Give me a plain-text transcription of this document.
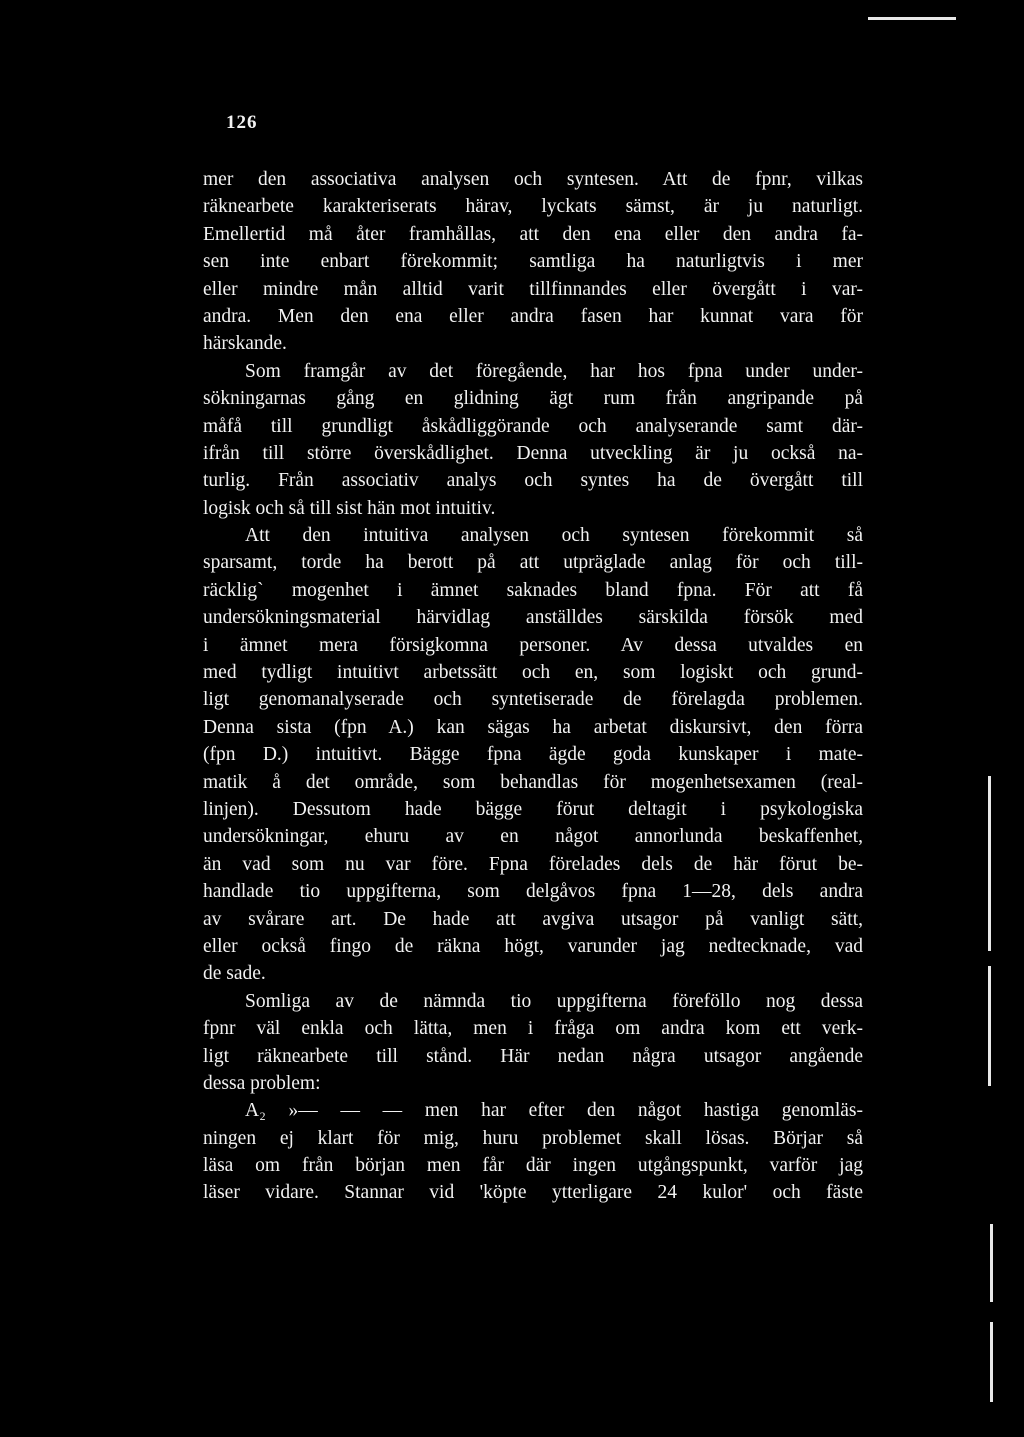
126
mer den associativa analysen och syntesen. Att de fpnr, vilkas
räknearbete karakteriserats härav, lyckats sämst, är ju naturligt.
Emellertid må åter framhållas, att den ena eller den andra fa-
sen inte enbart förekommit; samtliga ha naturligtvis i mer
eller mindre mån alltid varit tillfinnandes eller övergått i var-
andra. Men den ena eller andra fasen har kunnat vara för
härskande.
Som framgår av det föregående, har hos fpna under under-
sökningarnas gång en glidning ägt rum från angripande på
måfå till grundligt åskådliggörande och analyserande samt där-
ifrån till större överskådlighet. Denna utveckling är ju också na-
turlig. Från associativ analys och syntes ha de övergått till
logisk och så till sist hän mot intuitiv.
Att den intuitiva analysen och syntesen förekommit så
sparsamt, torde ha berott på att utpräglade anlag för och till-
räcklig` mogenhet i ämnet saknades bland fpna. För att få
undersökningsmaterial härvidlag anställdes särskilda försök med
i ämnet mera försigkomna personer. Av dessa utvaldes en
med tydligt intuitivt arbetssätt och en, som logiskt och grund-
ligt genomanalyserade och syntetiserade de förelagda problemen.
Denna sista (fpn A.) kan sägas ha arbetat diskursivt, den förra
(fpn D.) intuitivt. Bägge fpna ägde goda kunskaper i mate-
matik å det område, som behandlas för mogenhetsexamen (real-
linjen). Dessutom hade bägge förut deltagit i psykologiska
undersökningar, ehuru av en något annorlunda beskaffenhet,
än vad som nu var före. Fpna förelades dels de här förut be-
handlade tio uppgifterna, som delgåvos fpna 1—28, dels andra
av svårare art. De hade att avgiva utsagor på vanligt sätt,
eller också fingo de räkna högt, varunder jag nedtecknade, vad
de sade.
Somliga av de nämnda tio uppgifterna föreföllo nog dessa
fpnr väl enkla och lätta, men i fråga om andra kom ett verk-
ligt räknearbete till stånd. Här nedan några utsagor angående
dessa problem:
A₂ »— — — men har efter den något hastiga genomläs-
ningen ej klart för mig, huru problemet skall lösas. Börjar så
läsa om från början men får där ingen utgångspunkt, varför jag
läser vidare. Stannar vid 'köpte ytterligare 24 kulor' och fäste
